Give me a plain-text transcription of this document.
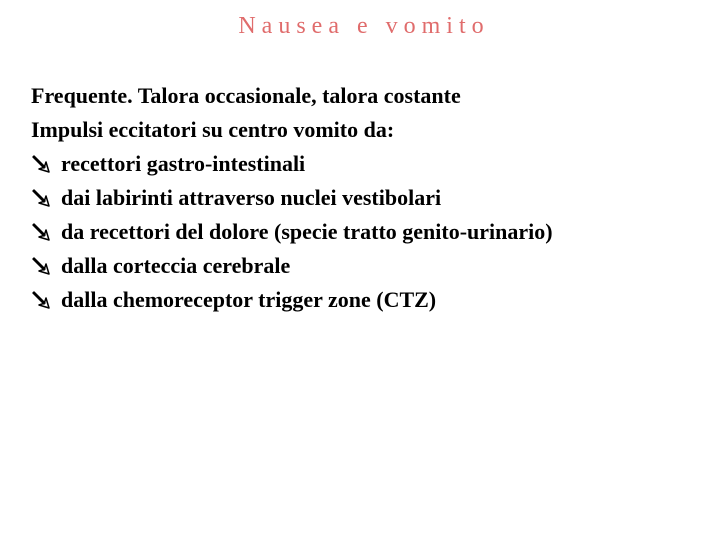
Nausea e vomito
Frequente. Talora occasionale, talora costante
Impulsi eccitatori su centro vomito da:
recettori gastro-intestinali
dai labirinti attraverso nuclei vestibolari
da recettori del dolore (specie tratto genito-urinario)
dalla corteccia cerebrale
dalla chemoreceptor trigger zone (CTZ)
